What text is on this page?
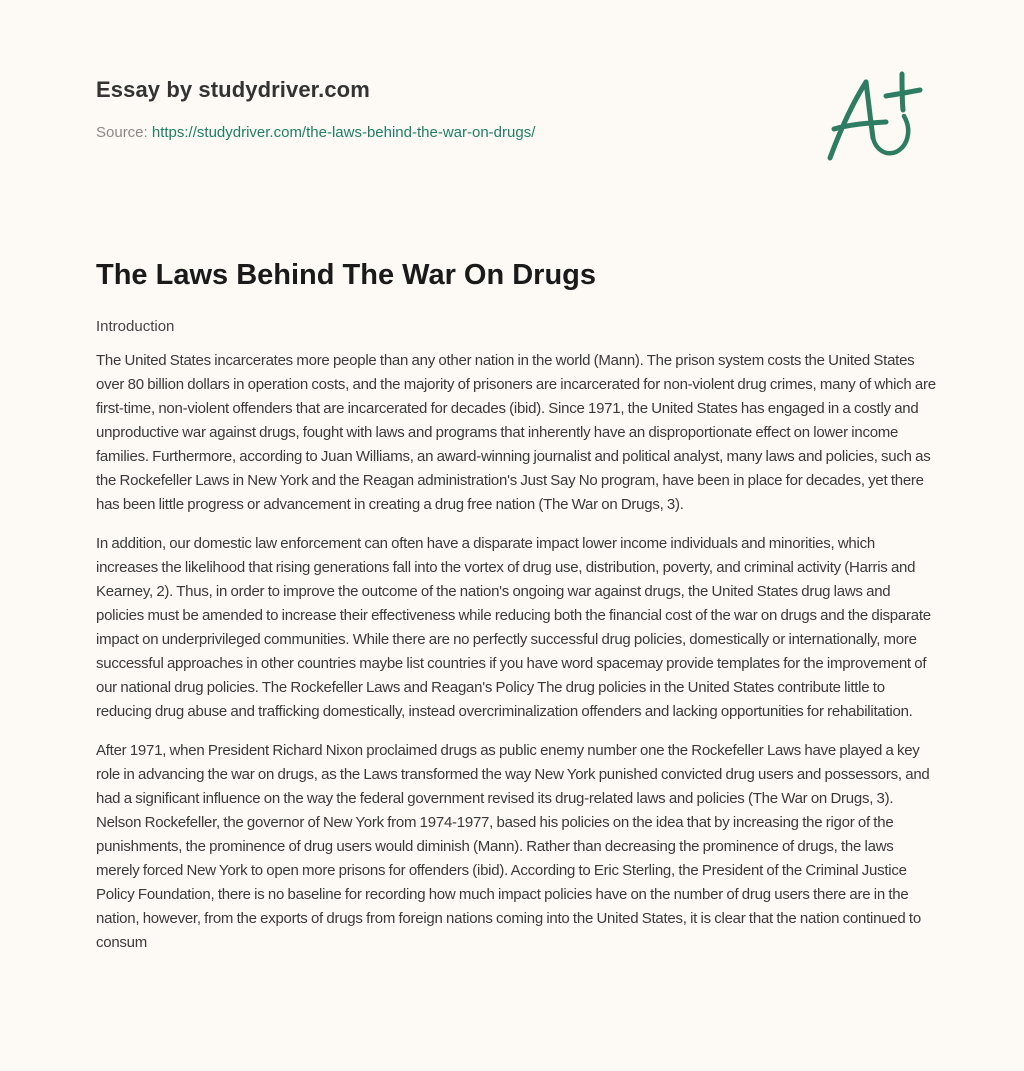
Essay by studydriver.com
Source: https://studydriver.com/the-laws-behind-the-war-on-drugs/
The Laws Behind The War On Drugs
Introduction

The United States incarcerates more people than any other nation in the world (Mann). The prison system costs the United States over 80 billion dollars in operation costs, and the majority of prisoners are incarcerated for non-violent drug crimes, many of which are first-time, non-violent offenders that are incarcerated for decades (ibid). Since 1971, the United States has engaged in a costly and unproductive war against drugs, fought with laws and programs that inherently have an disproportionate effect on lower income families. Furthermore, according to Juan Williams, an award-winning journalist and political analyst, many laws and policies, such as the Rockefeller Laws in New York and the Reagan administration's Just Say No program, have been in place for decades, yet there has been little progress or advancement in creating a drug free nation (The War on Drugs, 3).

In addition, our domestic law enforcement can often have a disparate impact lower income individuals and minorities, which increases the likelihood that rising generations fall into the vortex of drug use, distribution, poverty, and criminal activity (Harris and Kearney, 2). Thus, in order to improve the outcome of the nation's ongoing war against drugs, the United States drug laws and policies must be amended to increase their effectiveness while reducing both the financial cost of the war on drugs and the disparate impact on underprivileged communities. While there are no perfectly successful drug policies, domestically or internationally, more successful approaches in other countries maybe list countries if you have word spacemay provide templates for the improvement of our national drug policies. The Rockefeller Laws and Reagan's Policy The drug policies in the United States contribute little to reducing drug abuse and trafficking domestically, instead overcriminalization offenders and lacking opportunities for rehabilitation.

After 1971, when President Richard Nixon proclaimed drugs as public enemy number one the Rockefeller Laws have played a key role in advancing the war on drugs, as the Laws transformed the way New York punished convicted drug users and possessors, and had a significant influence on the way the federal government revised its drug-related laws and policies (The War on Drugs, 3). Nelson Rockefeller, the governor of New York from 1974-1977, based his policies on the idea that by increasing the rigor of the punishments, the prominence of drug users would diminish (Mann). Rather than decreasing the prominence of drugs, the laws merely forced New York to open more prisons for offenders (ibid). According to Eric Sterling, the President of the Criminal Justice Policy Foundation, there is no baseline for recording how much impact policies have on the number of drug users there are in the nation, however, from the exports of drugs from foreign nations coming into the United States, it is clear that the nation continued to consum
